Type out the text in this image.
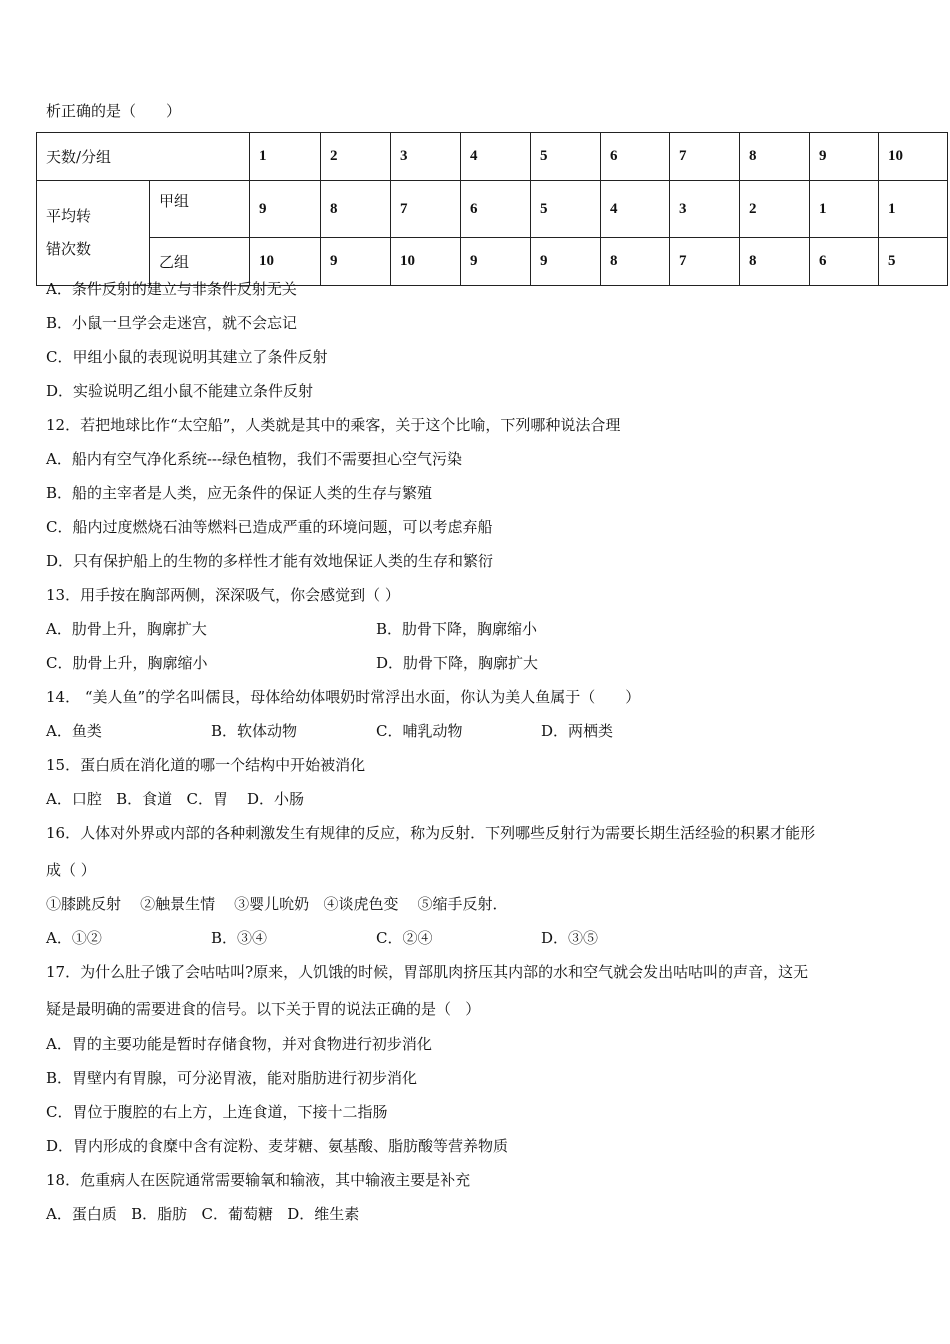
析正确的是（　　）
天数/分组		1	2	3	4	5	6	7	8	9	10

平均转
错次数	甲组	9	8	7	6	5	4	3	2	1	1
	乙组	10	9	10	9	9	8	7	8	6	5
A．条件反射的建立与非条件反射无关
B．小鼠一旦学会走迷宫，就不会忘记
C．甲组小鼠的表现说明其建立了条件反射
D．实验说明乙组小鼠不能建立条件反射
12．若把地球比作“太空船”，人类就是其中的乘客，关于这个比喻，下列哪种说法合理
A．船内有空气净化系统---绿色植物，我们不需要担心空气污染
B．船的主宰者是人类，应无条件的保证人类的生存与繁殖
C．船内过度燃烧石油等燃料已造成严重的环境问题，可以考虑弃船
D．只有保护船上的生物的多样性才能有效地保证人类的生存和繁衍
13．用手按在胸部两侧，深深吸气，你会感觉到（ ）
A．肋骨上升，胸廓扩大	B．肋骨下降，胸廓缩小
C．肋骨上升，胸廓缩小	D．肋骨下降，胸廓扩大
14． “美人鱼”的学名叫儒艮，母体给幼体喂奶时常浮出水面，你认为美人鱼属于（　　）
A．鱼类	B．软体动物	C．哺乳动物	D．两栖类
15．蛋白质在消化道的哪一个结构中开始被消化
A．口腔   B．食道   C．胃    D．小肠
16．人体对外界或内部的各种刺激发生有规律的反应，称为反射．下列哪些反射行为需要长期生活经验的积累才能形
成（ ）
①膝跳反射    ②触景生情    ③婴儿吮奶   ④谈虎色变    ⑤缩手反射．
A．①②	B．③④	C．②④	D．③⑤
17．为什么肚子饿了会咕咕叫?原来，人饥饿的时候，胃部肌肉挤压其内部的水和空气就会发出咕咕叫的声音，这无
疑是最明确的需要进食的信号。以下关于胃的说法正确的是（   ）
A．胃的主要功能是暂时存储食物，并对食物进行初步消化
B．胃壁内有胃腺，可分泌胃液，能对脂肪进行初步消化
C．胃位于腹腔的右上方，上连食道，下接十二指肠
D．胃内形成的食糜中含有淀粉、麦芽糖、氨基酸、脂肪酸等营养物质
18．危重病人在医院通常需要输氧和输液，其中输液主要是补充
A．蛋白质   B．脂肪   C．葡萄糖   D．维生素
